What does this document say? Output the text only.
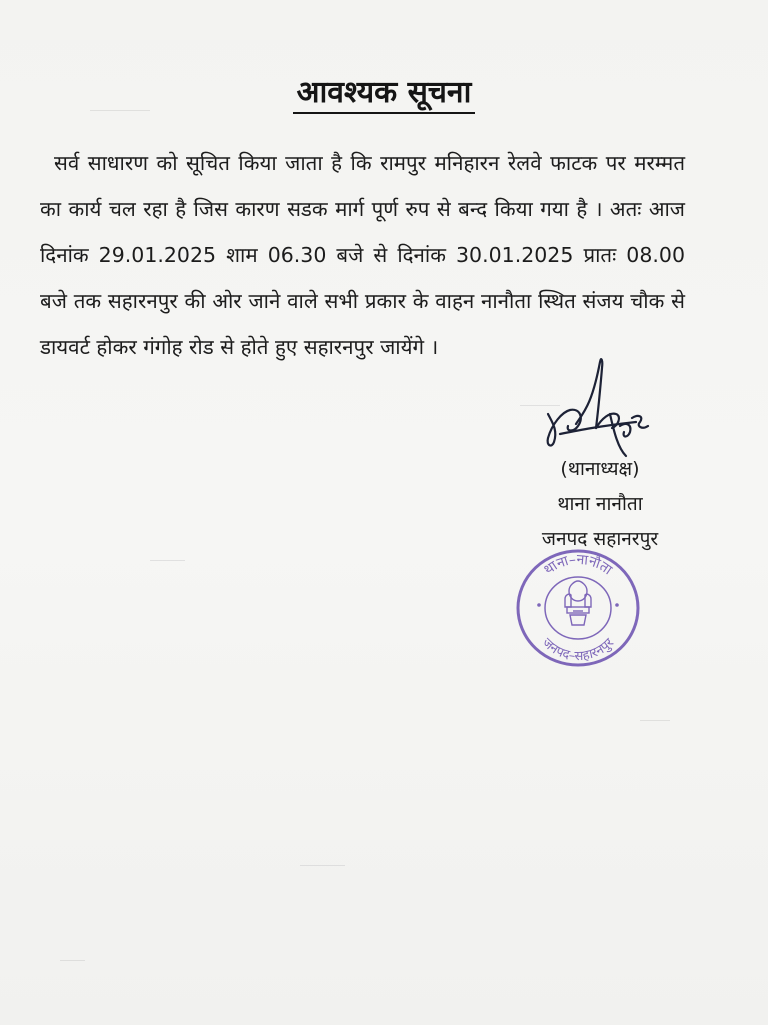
आवश्यक सूचना

सर्व साधारण को सूचित किया जाता है कि रामपुर मनिहारन रेलवे फाटक पर मरम्मत का कार्य चल रहा है जिस कारण सडक मार्ग पूर्ण रुप से बन्द किया गया है । अतः आज दिनांक 29.01.2025 शाम 06.30 बजे से दिनांक 30.01.2025 प्रातः 08.00 बजे तक सहारनपुर की ओर जाने वाले सभी प्रकार के वाहन नानौता स्थित संजय चौक से डायवर्ट होकर गंगोह रोड से होते हुए सहारनपुर जायेंगे ।

(थानाध्यक्ष)
थाना नानौता
जनपद सहानरपुर
थाना–नानौता
जनपद–सहारनपुर
